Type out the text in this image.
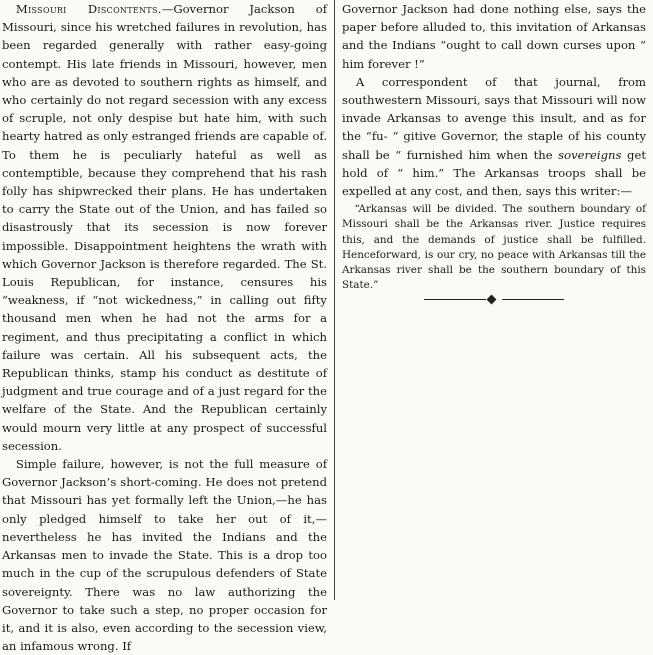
Missouri Discontents.—Governor Jackson of Missouri, since his wretched failures in revolution, has been regarded generally with rather easy-going contempt. His late friends in Missouri, however, men who are as devoted to southern rights as himself, and who certainly do not regard secession with any excess of scruple, not only despise but hate him, with such hearty hatred as only estranged friends are capable of. To them he is peculiarly hateful as well as contemptible, because they comprehend that his rash folly has shipwrecked their plans. He has undertaken to carry the State out of the Union, and has failed so disastrously that its secession is now forever impossible. Disappointment heightens the wrath with which Governor Jackson is therefore regarded. The St. Louis Republican, for instance, censures his “weakness, if “not wickedness,” in calling out fifty thousand men when he had not the arms for a regiment, and thus precipitating a conflict in which failure was certain. All his subsequent acts, the Republican thinks, stamp his conduct as destitute of judgment and true courage and of a just regard for the welfare of the State. And the Republican certainly would mourn very little at any prospect of successful secession.

Simple failure, however, is not the full measure of Governor Jackson’s short-coming. He does not pretend that Missouri has yet formally left the Union,—he has only pledged himself to take her out of it,—nevertheless he has invited the Indians and the Arkansas men to invade the State. This is a drop too much in the cup of the scrupulous defenders of State sovereignty. There was no law authorizing the Governor to take such a step, no proper occasion for it, and it is also, even according to the secession view, an infamous wrong. If

Governor Jackson had done nothing else, says the paper before alluded to, this invitation of Arkansas and the Indians “ought to call down curses upon “ him forever !”

A correspondent of that journal, from southwestern Missouri, says that Missouri will now invade Arkansas to avenge this insult, and as for the “fu- “ gitive Governor, the staple of his county shall be “ furnished him when the sovereigns get hold of “ him.” The Arkansas troops shall be expelled at any cost, and then, says this writer:—

“Arkansas will be divided. The southern boundary of Missouri shall be the Arkansas river. Justice requires this, and the demands of justice shall be fulfilled. Henceforward, is our cry, no peace with Arkansas till the Arkansas river shall be the southern boundary of this State.”
